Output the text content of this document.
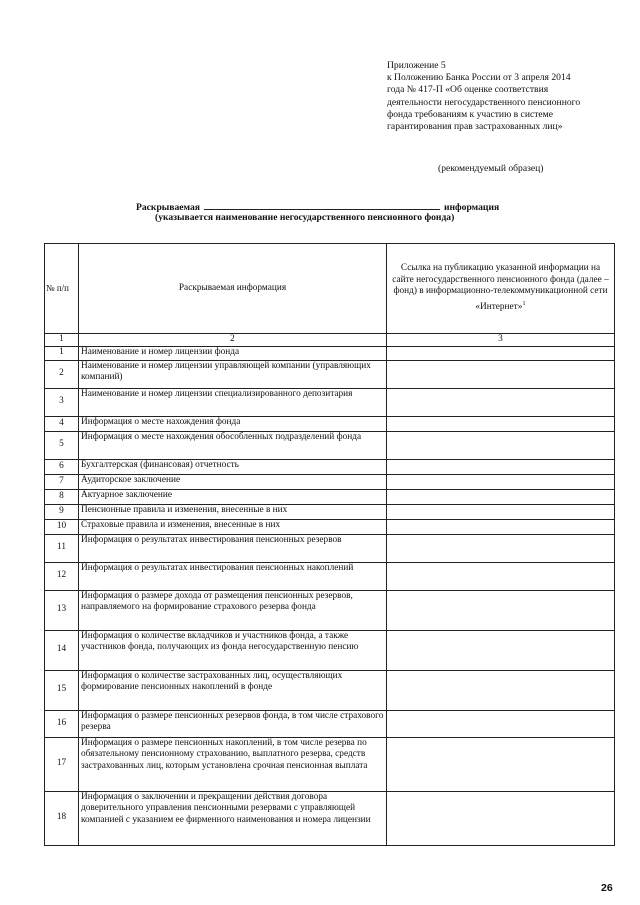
Приложение 5
к Положению Банка России от 3 апреля 2014
года № 417-П «Об оценке соответствия
деятельности негосударственного пенсионного
фонда требованиям к участию в системе
гарантирования прав застрахованных лиц»
(рекомендуемый образец)
Раскрываемая	информация
(указывается наименование негосударственного пенсионного фонда)
№ п/п	Раскрываемая информация	Ссылка на публикацию указанной информации на сайте негосударственного пенсионного фонда (далее – фонд) в информационно-телекоммуникационной сети «Интернет»$^1$
1	2	3
1	Наименование и номер лицензии фонда	
2	Наименование и номер лицензии управляющей компании (управляющих компаний)	
3	Наименование и номер лицензии специализированного депозитария	
4	Информация о месте нахождения фонда	
5	Информация о месте нахождения обособленных подразделений фонда	
6	Бухгалтерская (финансовая) отчетность	
7	Аудиторское заключение	
8	Актуарное заключение	
9	Пенсионные правила и изменения, внесенные в них	
10	Страховые правила и изменения, внесенные в них	
11	Информация о результатах инвестирования пенсионных резервов	
12	Информация о результатах инвестирования пенсионных накоплений	
13	Информация о размере дохода от размещения пенсионных резервов, направляемого на формирование страхового резерва фонда	
14	Информация о количестве вкладчиков и участников фонда, а также участников фонда, получающих из фонда негосударственную пенсию	
15	Информация о количестве застрахованных лиц, осуществляющих формирование пенсионных накоплений в фонде	
16	Информация о размере пенсионных резервов фонда, в том числе страхового резерва	
17	Информация о размере пенсионных накоплений, в том числе резерва по обязательному пенсионному страхованию, выплатного резерва, средств застрахованных лиц, которым установлена срочная пенсионная выплата	
18	Информация о заключении и прекращении действия договора доверительного управления пенсионными резервами с управляющей компанией с указанием ее фирменного наименования и номера лицензии	
26
